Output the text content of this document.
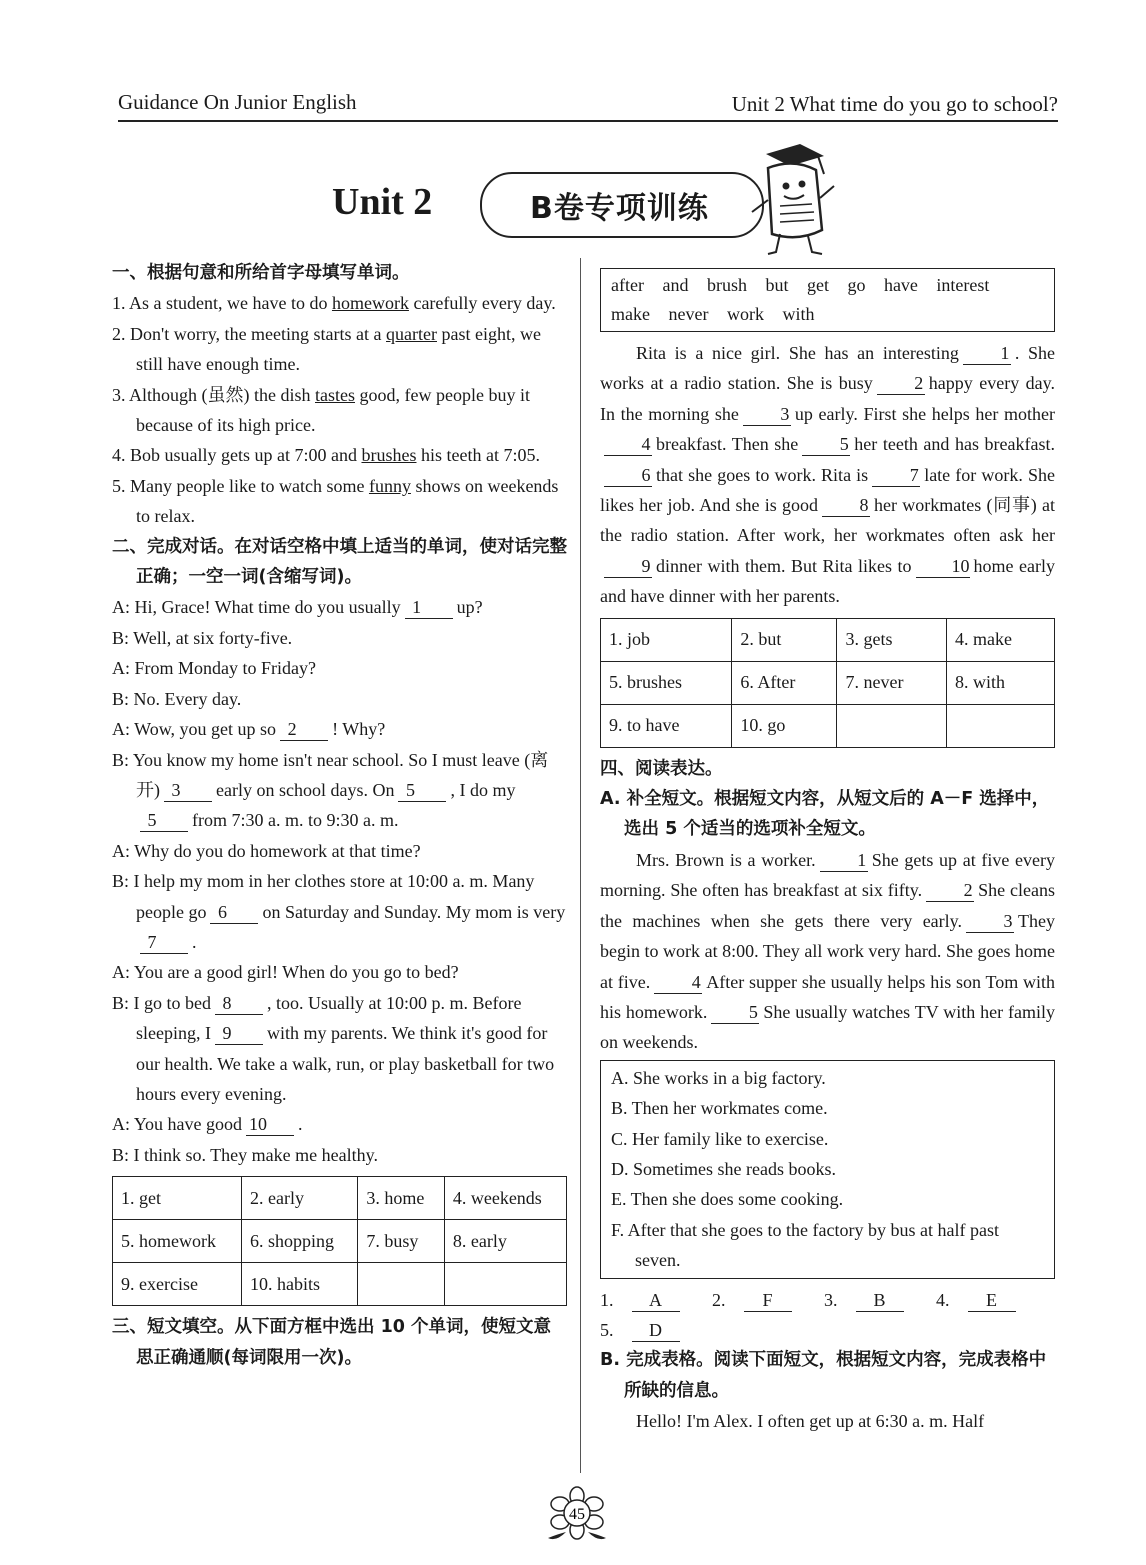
Guidance On Junior English	Unit 2 What time do you go to school?
Unit 2	B卷专项训练

一、根据句意和所给首字母填写单词。

1. As a student, we have to do homework carefully every day.

2. Don't worry, the meeting starts at a quarter past eight, we still have enough time.

3. Although (虽然) the dish tastes good, few people buy it because of its high price.

4. Bob usually gets up at 7:00 and brushes his teeth at 7:05.

5. Many people like to watch some funny shows on weekends to relax.

二、完成对话。在对话空格中填上适当的单词，使对话完整正确；一空一词(含缩写词)。

A: Hi, Grace! What time do you usually 1 up?

B: Well, at six forty-five.

A: From Monday to Friday?

B: No. Every day.

A: Wow, you get up so 2 ! Why?

B: You know my home isn't near school. So I must leave (离开) 3 early on school days. On 5 , I do my5 from 7:30 a. m. to 9:30 a. m.

A: Why do you do homework at that time?

B: I help my mom in her clothes store at 10:00 a. m. Many people go 6 on Saturday and Sunday. My mom is very7 .

A: You are a good girl! When do you go to bed?

B: I go to bed 8 , too. Usually at 10:00 p. m. Before sleeping, I 9 with my parents. We think it's good for our health. We take a walk, run, or play basketball for two hours every evening.

A: You have good 10 .

B: I think so. They make me healthy.

1. get	2. early	3. home	4. weekends
5. homework	6. shopping	7. busy	8. early
9. exercise	10. habits		

三、短文填空。从下面方框中选出 10 个单词，使短文意思正确通顺(每词限用一次)。

after and brush but get go have interest

make never work with

Rita is a nice girl. She has an interesting 1 . She works at a radio station. She is busy 2 happy every day. In the morning she 3 up early. First she helps her mother4 breakfast. Then she 5 her teeth and has breakfast.6 that she goes to work. Rita is 7 late for work. She likes her job. And she is good 8 her workmates (同事) at the radio station. After work, her workmates often ask her9 dinner with them. But Rita likes to 10 home early and have dinner with her parents.

1. job	2. but	3. gets	4. make
5. brushes	6. After	7. never	8. with
9. to have	10. go		

四、阅读表达。

A. 补全短文。根据短文内容，从短文后的 A－F 选择中，选出 5 个适当的选项补全短文。

Mrs. Brown is a worker. 1 She gets up at five every morning. She often has breakfast at six fifty. 2 She cleans the machines when she gets there very early. 3 They begin to work at 8:00. They all work very hard. She goes home at five. 4 After supper she usually helps his son Tom with his homework. 5 She usually watches TV with her family on weekends.

A. She works in a big factory.

B. Then her workmates come.

C. Her family like to exercise.

D. Sometimes she reads books.

E. Then she does some cooking.

F. After that she goes to the factory by bus at half past seven.

1. A	2. F	3. B	4. E 5. D

B. 完成表格。阅读下面短文，根据短文内容，完成表格中所缺的信息。

Hello! I'm Alex. I often get up at 6:30 a. m. Half

45
